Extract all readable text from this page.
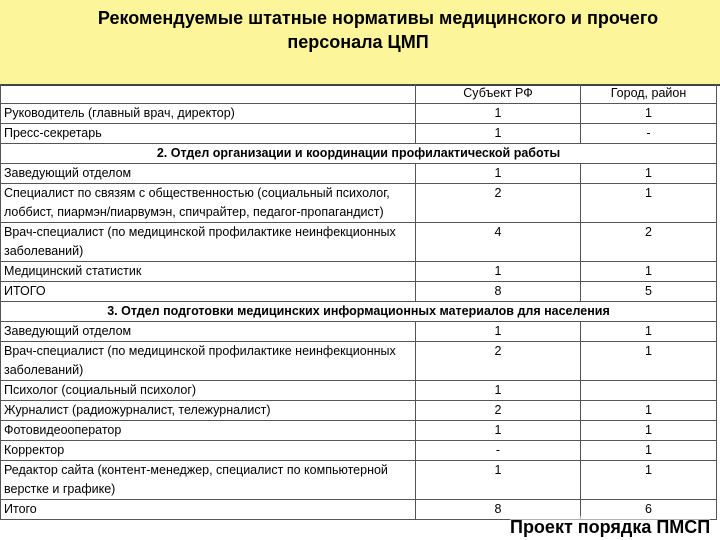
Рекомендуемые штатные нормативы медицинского и прочего
персонала ЦМП
	Субъект РФ	Город, район
Руководитель (главный врач, директор)	1	1
Пресс-секретарь	1	-
2. Отдел организации и координации профилактической работы		
Заведующий отделом	1	1
Специалист по связям с общественностью (социальный психолог, лоббист, пиармэн/пиарвумэн, спичрайтер, педагог-пропагандист)	2	1
Врач-специалист (по медицинской профилактике неинфекционных заболеваний)	4	2
Медицинский статистик	1	1
ИТОГО	8	5
3. Отдел подготовки медицинских информационных материалов для населения		
Заведующий отделом	1	1
Врач-специалист (по медицинской профилактике неинфекционных заболеваний)	2	1
Психолог (социальный психолог)	1	
Журналист (радиожурналист, тележурналист)	2	1
Фотовидеооператор	1	1
Корректор	-	1
Редактор сайта (контент-менеджер, специалист по компьютерной верстке и графике)	1	1
Итого	8	6
Проект порядка ПМСП
